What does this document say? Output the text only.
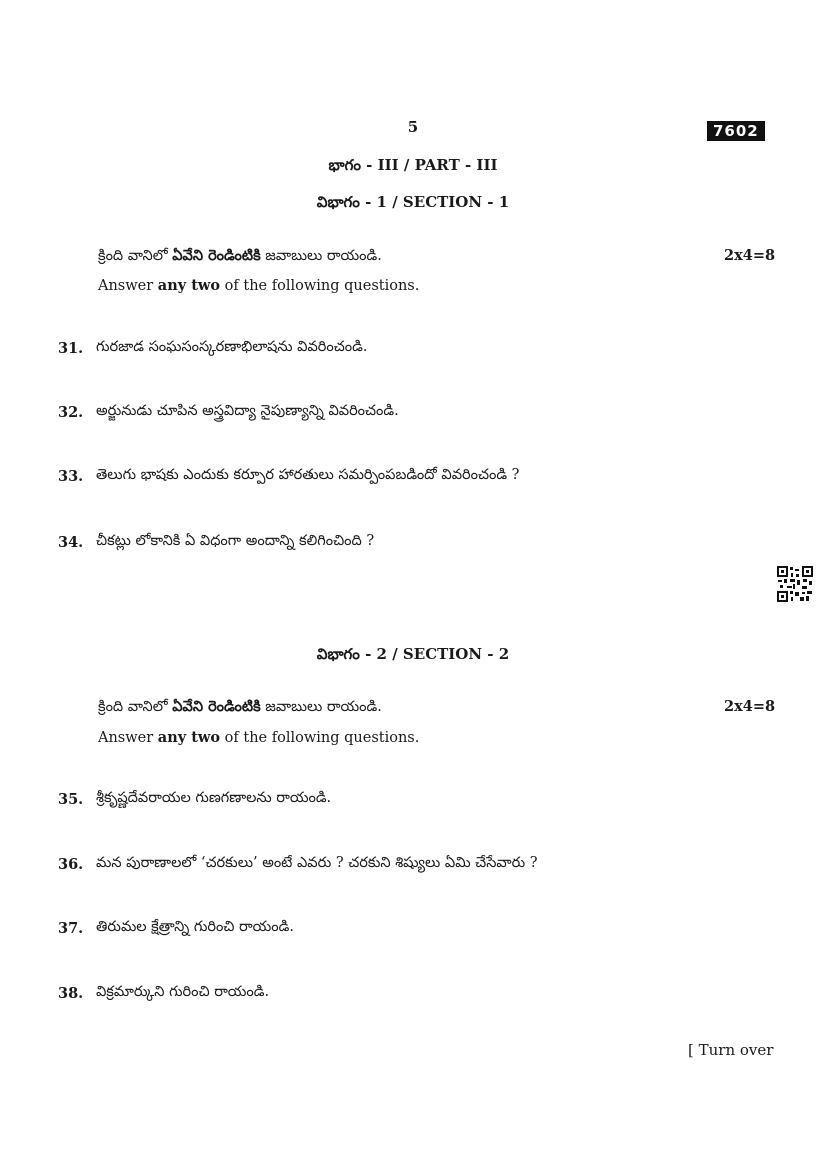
5	7602
భాగం - III / PART - III
విభాగం - 1 / SECTION - 1
క్రింది వానిలో ఏవేని రెండింటికి జవాబులు రాయండి.	2x4=8
Answer any two of the following questions.
31. గురజాడ సంఘసంస్కరణాభిలాషను వివరించండి.
32. అర్జునుడు చూపిన అస్త్రవిద్యా నైపుణ్యాన్ని వివరించండి.
33. తెలుగు భాషకు ఎందుకు కర్పూర హారతులు సమర్పింపబడిందో వివరించండి ?
34. చీకట్లు లోకానికి ఏ విధంగా అందాన్ని కలిగించింది ?
విభాగం - 2 / SECTION - 2
క్రింది వానిలో ఏవేని రెండింటికి జవాబులు రాయండి.	2x4=8
Answer any two of the following questions.
35. శ్రీకృష్ణదేవరాయల గుణగణాలను రాయండి.
36. మన పురాణాలలో ‘చరకులు’ అంటే ఎవరు ? చరకుని శిష్యులు ఏమి చేసేవారు ?
37. తిరుమల క్షేత్రాన్ని గురించి రాయండి.
38. విక్రమార్కుని గురించి రాయండి.
[ Turn over
